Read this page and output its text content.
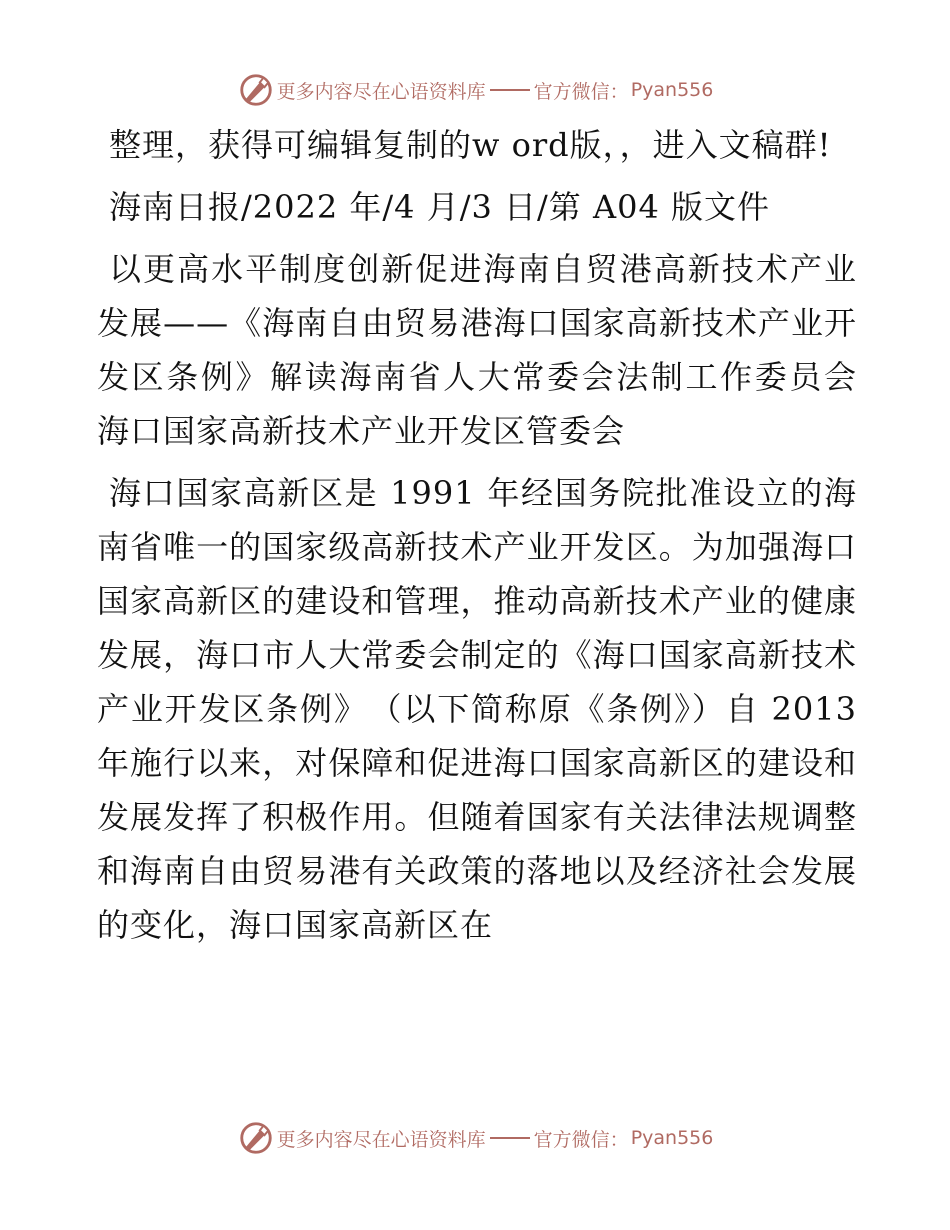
更多内容尽在心语资料库	官方微信： Pyan556

整理，获得可编辑复制的w ord版，，进入文稿群!

海南日报/2022 年/4 月/3 日/第 A04 版文件

以更高水平制度创新促进海南自贸港高新技术产业发展——《海南自由贸易港海口国家高新技术产业开发区条例》解读海南省人大常委会法制工作委员会　海口国家高新技术产业开发区管委会

海口国家高新区是 1991 年经国务院批准设立的海南省唯一的国家级高新技术产业开发区。为加强海口国家高新区的建设和管理，推动高新技术产业的健康发展，海口市人大常委会制定的《海口国家高新技术产业开发区条例》　（以下简称原《条例》）自 2013 年施行以来，对保障和促进海口国家高新区的建设和发展发挥了积极作用。但随着国家有关法律法规调整和海南自由贸易港有关政策的落地以及经济社会发展的变化，海口国家高新区在

更多内容尽在心语资料库	官方微信： Pyan556
